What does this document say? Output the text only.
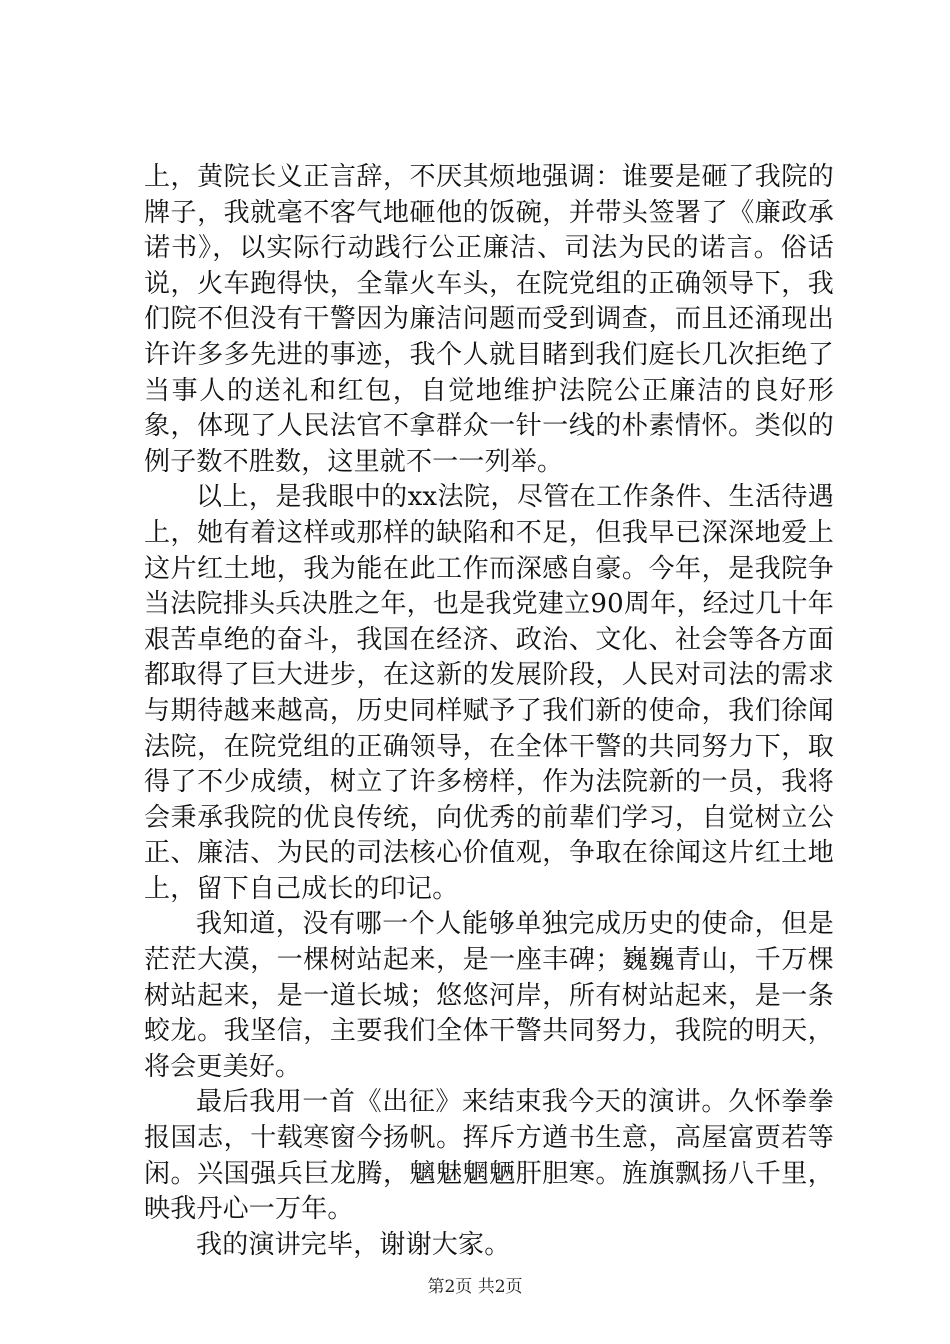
上，黄院长义正言辞，不厌其烦地强调：谁要是砸了我院的牌子，我就毫不客气地砸他的饭碗，并带头签署了《廉政承诺书》，以实际行动践行公正廉洁、司法为民的诺言。俗话说，火车跑得快，全靠火车头，在院党组的正确领导下，我们院不但没有干警因为廉洁问题而受到调查，而且还涌现出许许多多先进的事迹，我个人就目睹到我们庭长几次拒绝了当事人的送礼和红包，自觉地维护法院公正廉洁的良好形象，体现了人民法官不拿群众一针一线的朴素情怀。类似的例子数不胜数，这里就不一一列举。

以上，是我眼中的xx法院，尽管在工作条件、生活待遇上，她有着这样或那样的缺陷和不足，但我早已深深地爱上这片红土地，我为能在此工作而深感自豪。今年，是我院争当法院排头兵决胜之年，也是我党建立90周年，经过几十年艰苦卓绝的奋斗，我国在经济、政治、文化、社会等各方面都取得了巨大进步，在这新的发展阶段，人民对司法的需求与期待越来越高，历史同样赋予了我们新的使命，我们徐闻法院，在院党组的正确领导，在全体干警的共同努力下，取得了不少成绩，树立了许多榜样，作为法院新的一员，我将会秉承我院的优良传统，向优秀的前辈们学习，自觉树立公正、廉洁、为民的司法核心价值观，争取在徐闻这片红土地上，留下自己成长的印记。

我知道，没有哪一个人能够单独完成历史的使命，但是茫茫大漠，一棵树站起来，是一座丰碑；巍巍青山，千万棵树站起来，是一道长城；悠悠河岸，所有树站起来，是一条蛟龙。我坚信，主要我们全体干警共同努力，我院的明天，将会更美好。

最后我用一首《出征》来结束我今天的演讲。久怀拳拳报国志，十载寒窗今扬帆。挥斥方遒书生意，高屋富贾若等闲。兴国强兵巨龙腾，魑魅魍魉肝胆寒。旌旗飘扬八千里，映我丹心一万年。

我的演讲完毕，谢谢大家。

第2页 共2页
